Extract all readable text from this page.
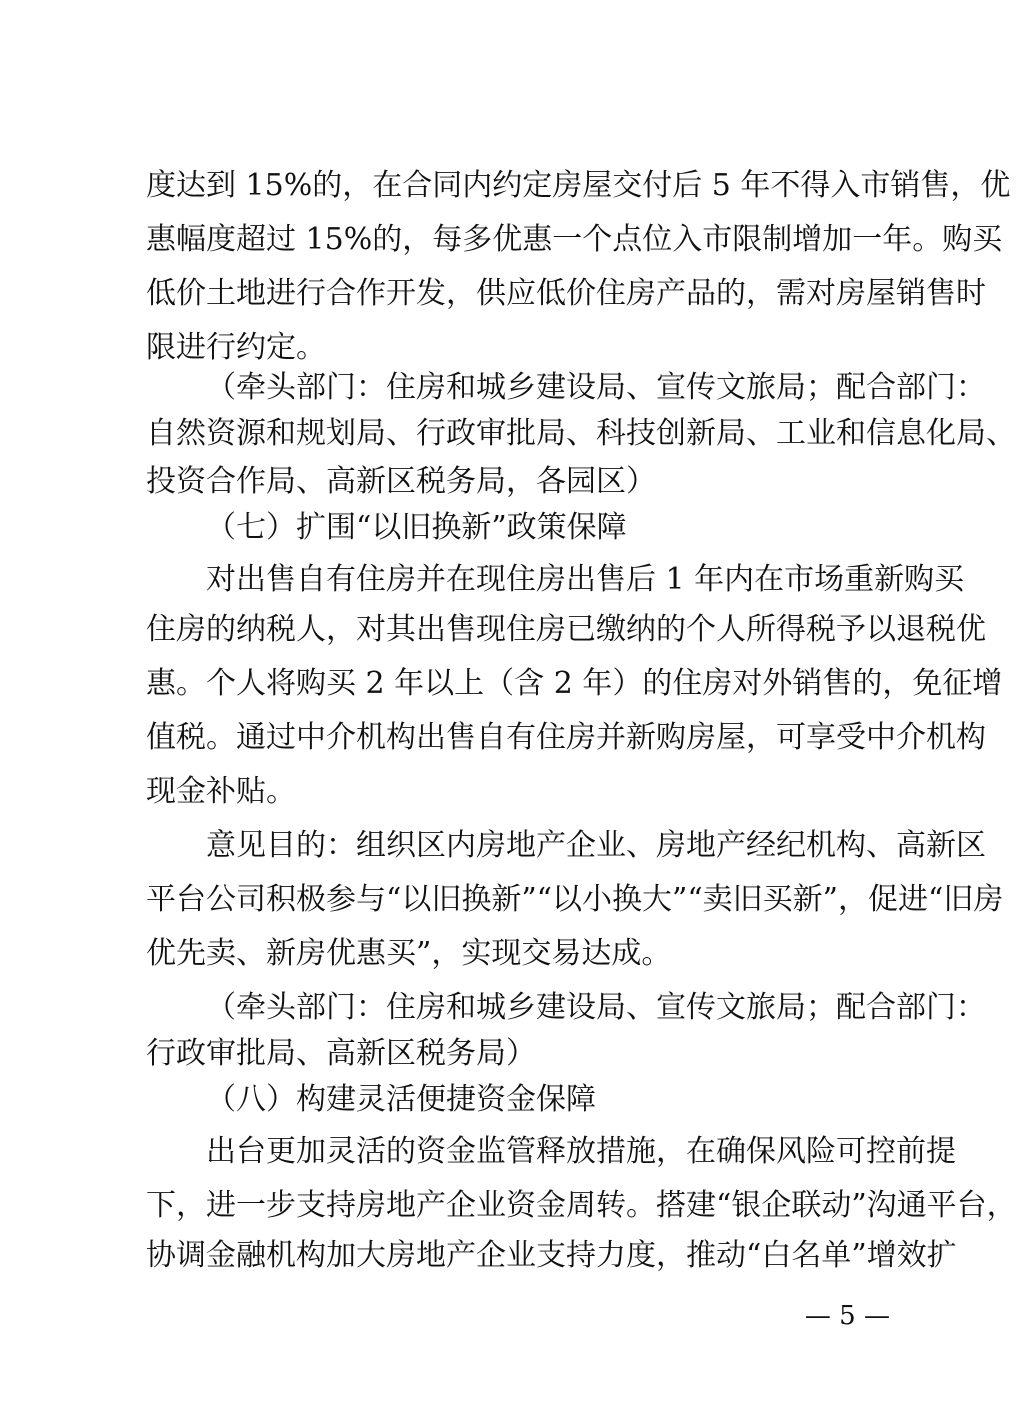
度达到 15%的，在合同内约定房屋交付后 5 年不得入市销售，优
惠幅度超过 15%的，每多优惠一个点位入市限制增加一年。购买
低价土地进行合作开发，供应低价住房产品的，需对房屋销售时
限进行约定。
（牵头部门：住房和城乡建设局、宣传文旅局；配合部门：
自然资源和规划局、行政审批局、科技创新局、工业和信息化局、
投资合作局、高新区税务局，各园区）
（七）扩围“以旧换新”政策保障
对出售自有住房并在现住房出售后 1 年内在市场重新购买
住房的纳税人，对其出售现住房已缴纳的个人所得税予以退税优
惠。个人将购买 2 年以上（含 2 年）的住房对外销售的，免征增
值税。通过中介机构出售自有住房并新购房屋，可享受中介机构
现金补贴。
意见目的：组织区内房地产企业、房地产经纪机构、高新区
平台公司积极参与“以旧换新”“以小换大”“卖旧买新”，促进“旧房
优先卖、新房优惠买”，实现交易达成。
（牵头部门：住房和城乡建设局、宣传文旅局；配合部门：
行政审批局、高新区税务局）
（八）构建灵活便捷资金保障
出台更加灵活的资金监管释放措施，在确保风险可控前提
下，进一步支持房地产企业资金周转。搭建“银企联动”沟通平台，
协调金融机构加大房地产企业支持力度，推动“白名单”增效扩
— 5 —
